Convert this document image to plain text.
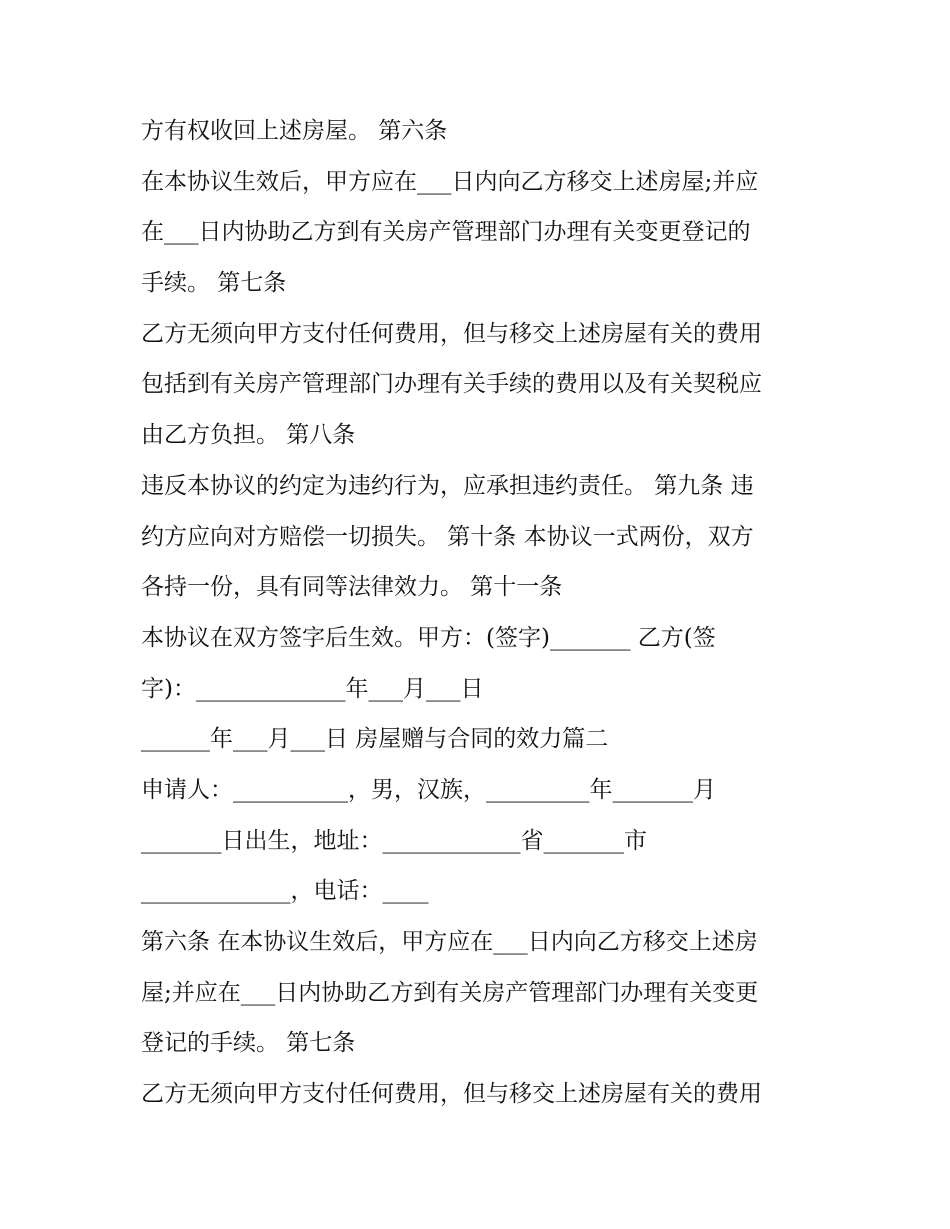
方有权收回上述房屋。 第六条
在本协议生效后，甲方应在___日内向乙方移交上述房屋;并应
在___日内协助乙方到有关房产管理部门办理有关变更登记的
手续。 第七条
乙方无须向甲方支付任何费用，但与移交上述房屋有关的费用
包括到有关房产管理部门办理有关手续的费用以及有关契税应
由乙方负担。 第八条
违反本协议的约定为违约行为，应承担违约责任。 第九条 违
约方应向对方赔偿一切损失。 第十条 本协议一式两份，双方
各持一份，具有同等法律效力。 第十一条
本协议在双方签字后生效。甲方：(签字)_______ 乙方(签
字)：_____________年___月___日
______年___月___日 房屋赠与合同的效力篇二
申请人：__________，男，汉族，_________年_______月
_______日出生，地址：____________省_______市
_____________，电话：____
第六条 在本协议生效后，甲方应在___日内向乙方移交上述房
屋;并应在___日内协助乙方到有关房产管理部门办理有关变更
登记的手续。 第七条
乙方无须向甲方支付任何费用，但与移交上述房屋有关的费用
